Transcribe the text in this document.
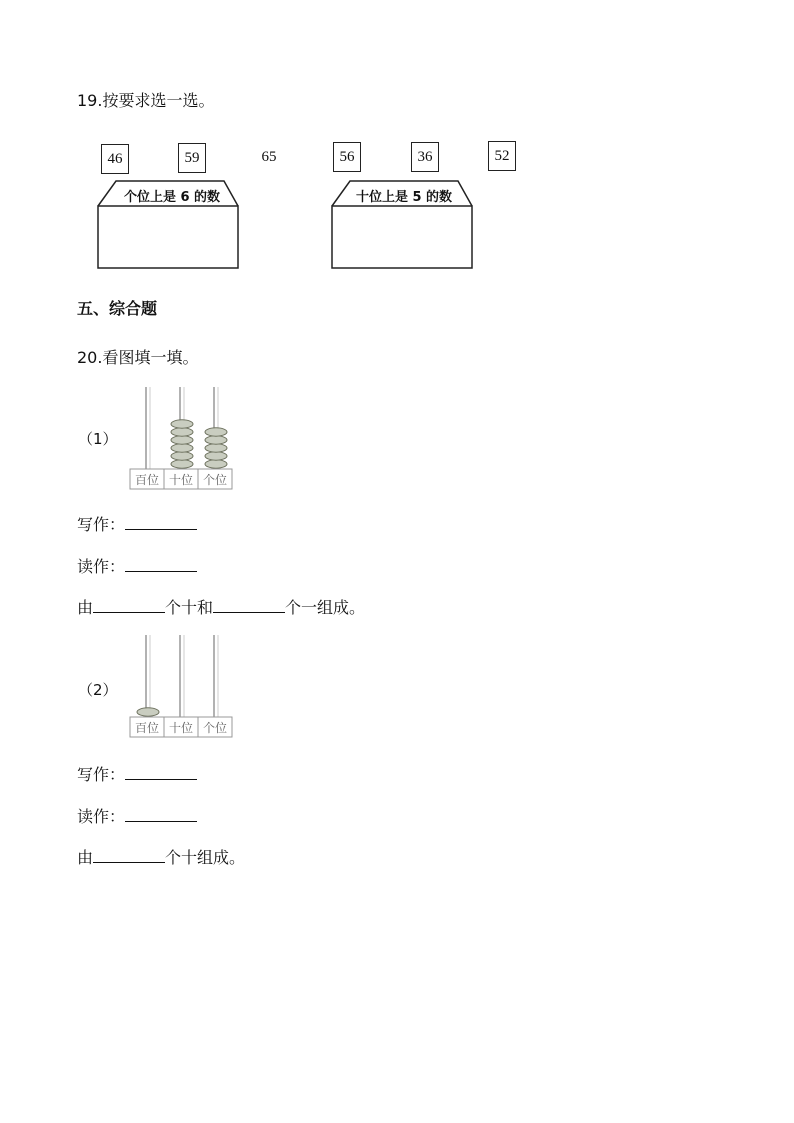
19.按要求选一选。
46	59	65	56	36	52
个位上是 6 的数	十位上是 5 的数
五、综合题
20.看图填一填。
（1）
百位 十位 个位
写作：
读作：
由	个十和	个一组成。
（2）
百位 十位 个位
写作：
读作：
由	个十组成。
